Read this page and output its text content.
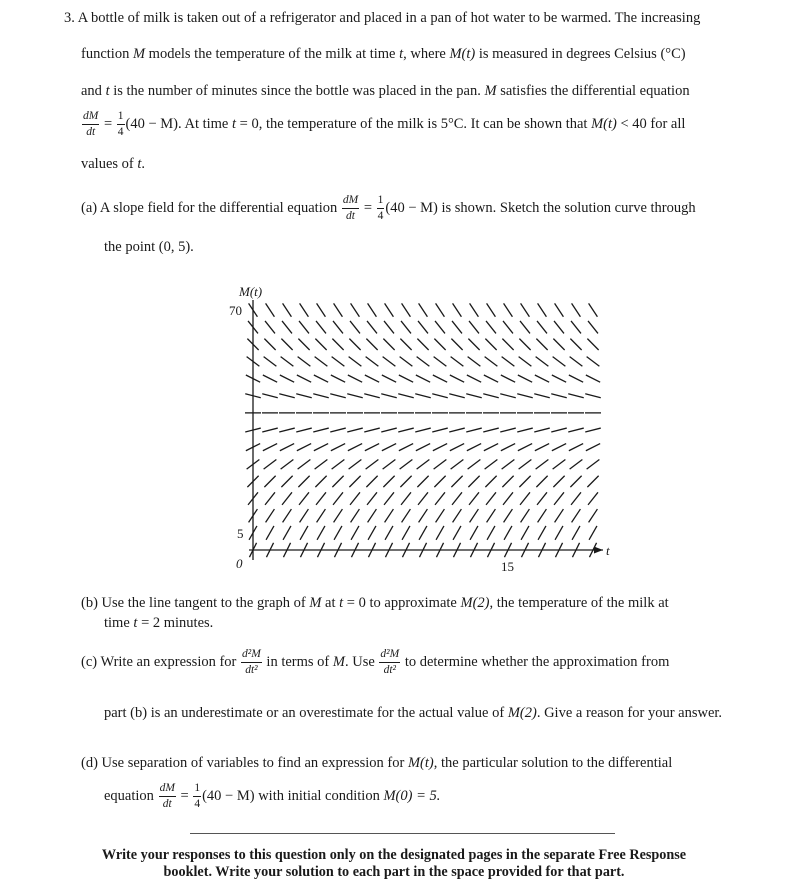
3. A bottle of milk is taken out of a refrigerator and placed in a pan of hot water to be warmed. The increasing
function M models the temperature of the milk at time t, where M(t) is measured in degrees Celsius (°C)
and t is the number of minutes since the bottle was placed in the pan. M satisfies the differential equation
$\frac{dM}{dt} = \frac{1}{4} (40 - M)$. At time t = 0, the temperature of the milk is 5°C. It can be shown that M(t) < 40 for all
values of t.
(a) A slope field for the differential equation $\frac{dM}{dt} = \frac{1}{4} (40 - M)$ is shown. Sketch the solution curve through
the point (0, 5).
M(t)
70
5
0	15
t
(b) Use the line tangent to the graph of M at t = 0 to approximate M(2), the temperature of the milk at
time t = 2 minutes.
(c) Write an expression for $\frac{\text{d²M}}{\text{dt²}}$ in terms of M. Use $\frac{\text{d²M}}{\text{dt²}}$ to determine whether the approximation from
part (b) is an underestimate or an overestimate for the actual value of M(2). Give a reason for your answer.
(d) Use separation of variables to find an expression for M(t), the particular solution to the differential
equation $\frac{dM}{dt} = \frac{1}{4} (40 - M)$ with initial condition M(0) = 5.
Write your responses to this question only on the designated pages in the separate Free Response
booklet. Write your solution to each part in the space provided for that part.
